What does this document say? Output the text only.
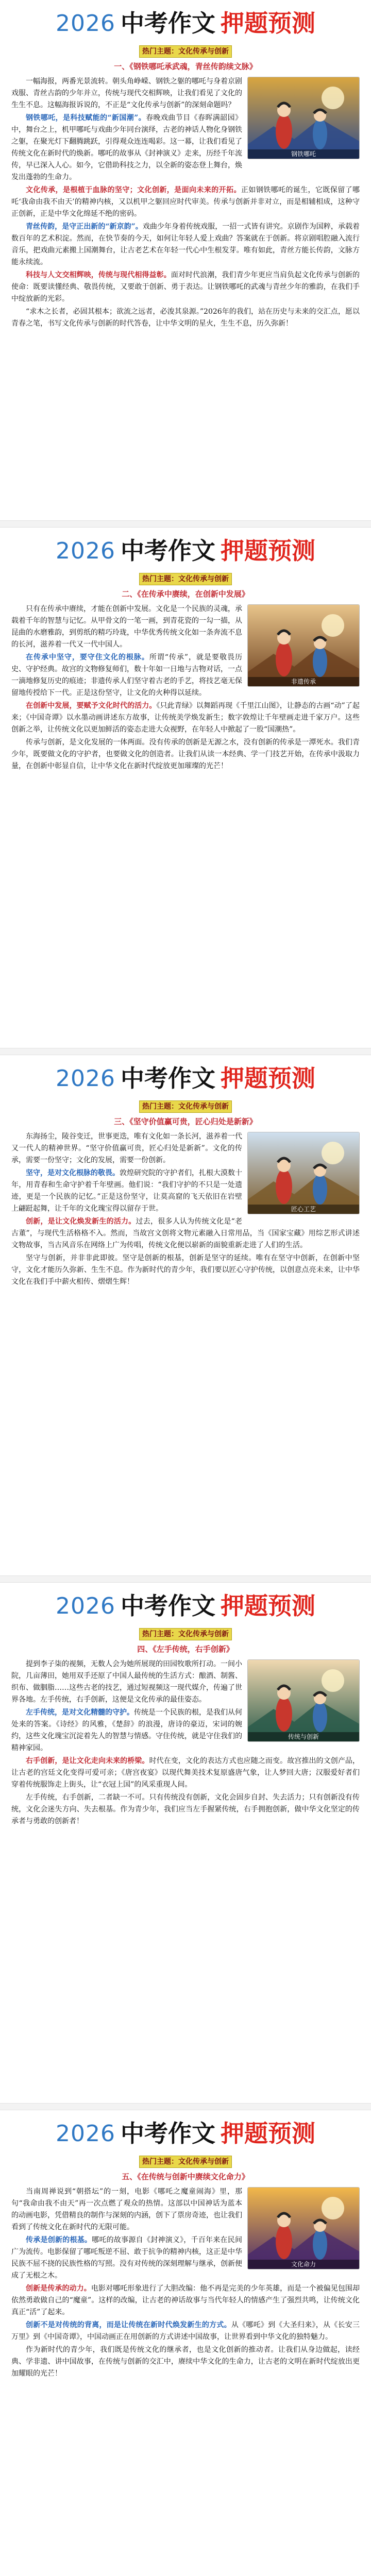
2026 中考作文 押题预测
热门主题：文化传承与创新
一、《钢铁哪吒承武魂，青丝传韵续文脉》
钢铁哪吒

一幅海报，两番光景流转。朝头角峥嵘、钢铁之躯的哪吒与身着京剧戏服、青丝古韵的少年并立，传统与现代交相辉映，让我们看见了文化的生生不息。这幅海报诉说的，不正是“文化传承与创新”的深刻命题吗？

钢铁哪吒，是科技赋能的“新国潮”。春晚戏曲节目《春晖满韶园》中，舞台之上，机甲哪吒与戏曲少年同台演绎，古老的神话人物化身钢铁之躯，在聚光灯下翻腾跳跃，引得观众连连喝彩。这一幕，让我们看见了传统文化在新时代的焕新。哪吒的故事从《封神演义》走来，历经千年流传，早已深入人心。如今，它借助科技之力，以全新的姿态登上舞台，焕发出蓬勃的生命力。

文化传承，是根植于血脉的坚守；文化创新，是面向未来的开拓。正如钢铁哪吒的诞生，它既保留了哪吒‘我命由我不由天’的精神内核，又以机甲之躯回应时代审美。传承与创新并非对立，而是相辅相成，这种守正创新，正是中华文化绵延不绝的密码。

青丝传韵，是守正出新的“新京韵”。戏曲少年身着传统戏服，一招一式皆有讲究。京剧作为国粹，承载着数百年的艺术积淀。然而，在快节奏的今天，如何让年轻人爱上戏曲？答案就在于创新。将京剧唱腔融入流行音乐，把戏曲元素搬上国潮舞台，让古老艺术在年轻一代心中生根发芽。唯有如此，青丝方能长传韵，文脉方能永续流。

科技与人文交相辉映，传统与现代相得益彰。面对时代浪潮，我们青少年更应当肩负起文化传承与创新的使命：既要读懂经典、敬畏传统，又要敢于创新、勇于表达。让钢铁哪吒的武魂与青丝少年的雅韵，在我们手中绽放新的光彩。

“求木之长者，必固其根本；欲流之远者，必浚其泉源。”2026年的我们，站在历史与未来的交汇点，愿以青春之笔，书写文化传承与创新的时代答卷，让中华文明的星火，生生不息，历久弥新！

2026 中考作文 押题预测
热门主题：文化传承与创新
二、《在传承中赓续，在创新中发展》
非遗传承

只有在传承中赓续，才能在创新中发展。文化是一个民族的灵魂，承载着千年的智慧与记忆。从甲骨文的一笔一画，到青花瓷的一勾一描，从昆曲的水磨雅韵，到剪纸的精巧玲珑，中华优秀传统文化如一条奔流不息的长河，滋养着一代又一代中国人。

在传承中坚守，要守住文化的根脉。所谓“传承”，就是要敬畏历史、守护经典。故宫的文物修复师们，数十年如一日地与古物对话，一点一滴地修复历史的痕迹；非遗传承人们坚守着古老的手艺，将技艺毫无保留地传授给下一代。正是这份坚守，让文化的火种得以延续。

在创新中发展，要赋予文化时代的活力。《只此青绿》以舞蹈再现《千里江山图》，让静态的古画“动”了起来；《中国奇谭》以水墨动画讲述东方故事，让传统美学焕发新生；数字敦煌让千年壁画走进千家万户。这些创新之举，让传统文化以更加鲜活的姿态走进大众视野，在年轻人中掀起了一股“国潮热”。

传承与创新，是文化发展的一体两面。没有传承的创新是无源之水，没有创新的传承是一潭死水。我们青少年，既要做文化的守护者，也要做文化的创造者。让我们从读一本经典、学一门技艺开始，在传承中汲取力量，在创新中彰显自信，让中华文化在新时代绽放更加璀璨的光芒！

2026 中考作文 押题预测
热门主题：文化传承与创新
三、《坚守价值赢可贵，匠心归处是新新》
匠心工艺

东海扬尘，陵谷变迁，世事更迭，唯有文化如一条长河，滋养着一代又一代人的精神世界。“坚守价值赢可贵，匠心归处是新新”。文化的传承，需要一份坚守；文化的发展，需要一份创新。

坚守，是对文化根脉的敬畏。敦煌研究院的守护者们，扎根大漠数十年，用青春和生命守护着千年壁画。他们说：“我们守护的不只是一处遗迹，更是一个民族的记忆。”正是这份坚守，让莫高窟的飞天依旧在岩壁上翩跹起舞，让千年的文化瑰宝得以留存于世。

创新，是让文化焕发新生的活力。过去，很多人认为传统文化是“老古董”，与现代生活格格不入。然而，当故宫文创将文物元素融入日常用品，当《国家宝藏》用综艺形式讲述文物故事，当古风音乐在网络上广为传唱，传统文化便以崭新的面貌重新走进了人们的生活。

坚守与创新，并非非此即彼。坚守是创新的根基，创新是坚守的延续。唯有在坚守中创新，在创新中坚守，文化才能历久弥新、生生不息。作为新时代的青少年，我们要以匠心守护传统，以创意点亮未来，让中华文化在我们手中薪火相传、熠熠生辉！

2026 中考作文 押题预测
热门主题：文化传承与创新
四、《左手传统，右手创新》
传统与创新

提到李子柒的视频，无数人会为她所展现的田园牧歌所打动。一间小院，几亩薄田，她用双手还原了中国人最传统的生活方式：酿酒、制酱、织布、做胭脂……这些古老的技艺，通过短视频这一现代媒介，传遍了世界各地。左手传统，右手创新，这便是文化传承的最佳姿态。

左手传统，是对文化精髓的守护。传统是一个民族的根，是我们从何处来的答案。《诗经》的风雅，《楚辞》的浪漫，唐诗的豪迈，宋词的婉约，这些文化瑰宝沉淀着先人的智慧与情感。守住传统，就是守住我们的精神家园。

右手创新，是让文化走向未来的桥梁。时代在变，文化的表达方式也应随之而变。故宫推出的文创产品，让古老的宫廷文化变得可爱可亲；《唐宫夜宴》以现代舞美技术复原盛唐气象，让人梦回大唐；汉服爱好者们穿着传统服饰走上街头，让“衣冠上国”的风采重现人间。

左手传统，右手创新，二者缺一不可。只有传统没有创新，文化会固步自封、失去活力；只有创新没有传统，文化会迷失方向、失去根基。作为青少年，我们应当左手握紧传统，右手拥抱创新，做中华文化坚定的传承者与勇敢的创新者！

2026 中考作文 押题预测
热门主题：文化传承与创新
五、《在传统与创新中赓续文化命力》
文化命力

当南周禅说到“朝搭坛”的一刻，电影《哪吒之魔童闹海》里，那句“我命由我不由天”再一次点燃了观众的热情。这部以中国神话为蓝本的动画电影，凭借精良的制作与深刻的内涵，创下了票房奇迹，也让我们看到了传统文化在新时代的无限可能。

传承是创新的根基。哪吒的故事源自《封神演义》，千百年来在民间广为流传。电影保留了哪吒叛逆不屈、敢于抗争的精神内核，这正是中华民族不屈不挠的民族性格的写照。没有对传统的深刻理解与继承，创新便成了无根之木。

创新是传承的动力。电影对哪吒形象进行了大胆改编：他不再是完美的少年英雄，而是一个被偏见包围却依然勇敢做自己的“魔童”。这样的改编，让古老的神话故事与当代年轻人的情感产生了强烈共鸣，让传统文化真正“活”了起来。

创新不是对传统的背离，而是让传统在新时代焕发新生的方式。从《哪吒》到《大圣归来》，从《长安三万里》到《中国奇谭》，中国动画正在用创新的方式讲述中国故事，让世界看到中华文化的独特魅力。

作为新时代的青少年，我们既是传统文化的继承者，也是文化创新的推动者。让我们从身边做起，读经典、学非遗、讲中国故事，在传统与创新的交汇中，赓续中华文化的生命力，让古老的文明在新时代绽放出更加耀眼的光芒！
